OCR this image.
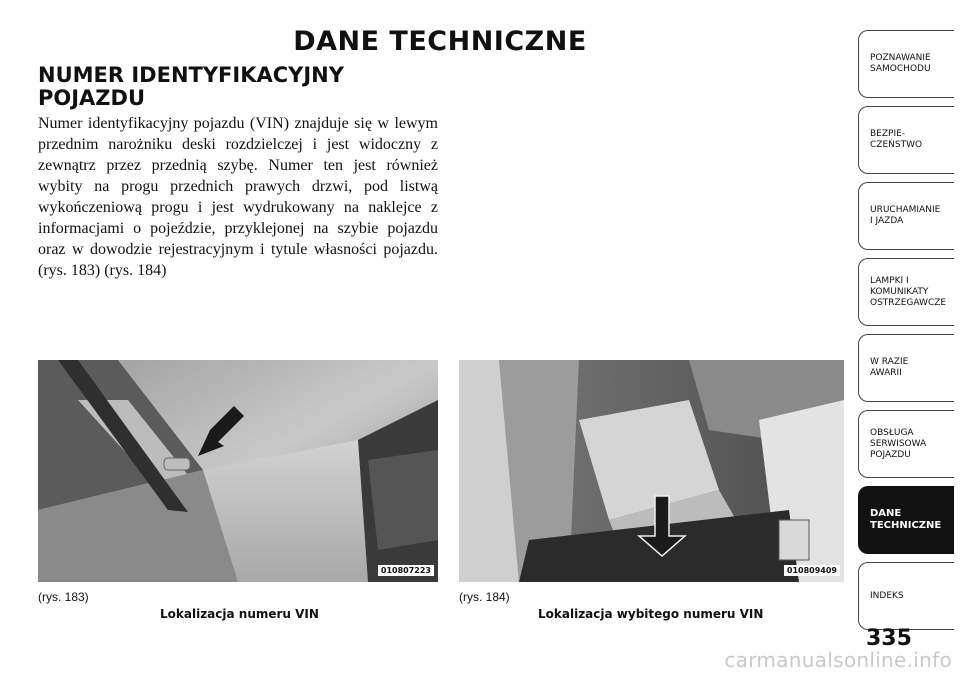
DANE TECHNICZNE
NUMER IDENTYFIKACYJNY
POJAZDU
Numer identyfikacyjny pojazdu (VIN) znajduje się w lewym przednim narożniku deski rozdzielczej i jest widoczny z zewnątrz przez przednią szybę. Numer ten jest również wybity na progu przednich prawych drzwi, pod listwą wykończeniową progu i jest wydrukowany na naklejce z informacjami o pojeździe, przyklejonej na szybie pojazdu oraz w dowodzie rejestracyjnym i tytule własności pojazdu. (rys. 183) (rys. 184)
010807223	010809409
(rys. 183)
Lokalizacja numeru VIN
(rys. 184)
Lokalizacja wybitego numeru VIN
POZNAWANIE
SAMOCHODU
BEZPIE-
CZEŃSTWO
URUCHAMIANIE
I JAZDA
LAMPKI I
KOMUNIKATY
OSTRZEGAWCZE
W RAZIE
AWARII
OBSŁUGA
SERWISOWA
POJAZDU
DANE
TECHNICZNE
INDEKS
335
carmanualsonline.info
